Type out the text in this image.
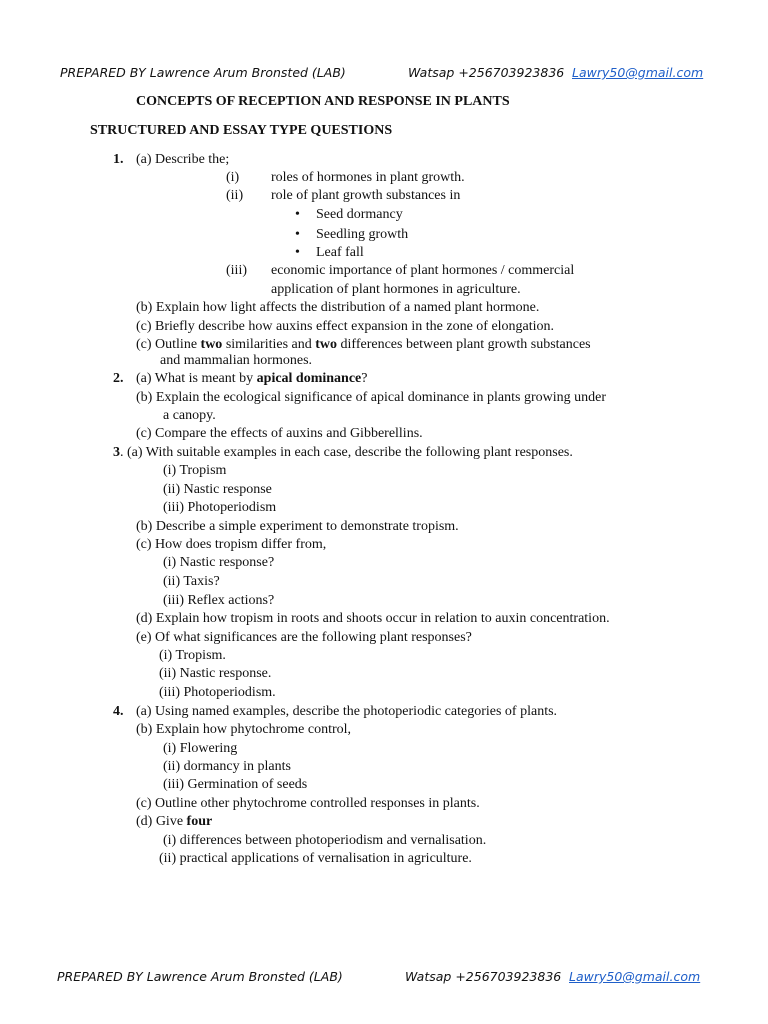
PREPARED BY Lawrence Arum Bronsted (LAB)	Watsap +256703923836 Lawry50@gmail.com
CONCEPTS OF RECEPTION AND RESPONSE IN PLANTS
STRUCTURED AND ESSAY TYPE QUESTIONS
1. (a) Describe the;
(i) roles of hormones in plant growth.
(ii) role of plant growth substances in
• Seed dormancy
• Seedling growth
• Leaf fall
(iii) economic importance of plant hormones / commercial
application of plant hormones in agriculture.
(b) Explain how light affects the distribution of a named plant hormone.
(c) Briefly describe how auxins effect expansion in the zone of elongation.
(c) Outline two similarities and two differences between plant growth substances
and mammalian hormones.
2. (a) What is meant by apical dominance?
(b) Explain the ecological significance of apical dominance in plants growing under
a canopy.
(c) Compare the effects of auxins and Gibberellins.
3 . (a) With suitable examples in each case, describe the following plant responses.
(i) Tropism
(ii) Nastic response
(iii) Photoperiodism
(b) Describe a simple experiment to demonstrate tropism.
(c) How does tropism differ from,
(i) Nastic response?
(ii) Taxis?
(iii) Reflex actions?
(d) Explain how tropism in roots and shoots occur in relation to auxin concentration.
(e) Of what significances are the following plant responses?
(i) Tropism.
(ii) Nastic response.
(iii) Photoperiodism.
4. (a) Using named examples, describe the photoperiodic categories of plants.
(b) Explain how phytochrome control,
(i) Flowering
(ii) dormancy in plants
(iii) Germination of seeds
(c) Outline other phytochrome controlled responses in plants.
(d) Give four
(i) differences between photoperiodism and vernalisation.
(ii) practical applications of vernalisation in agriculture.
PREPARED BY Lawrence Arum Bronsted (LAB)	Watsap +256703923836 Lawry50@gmail.com
